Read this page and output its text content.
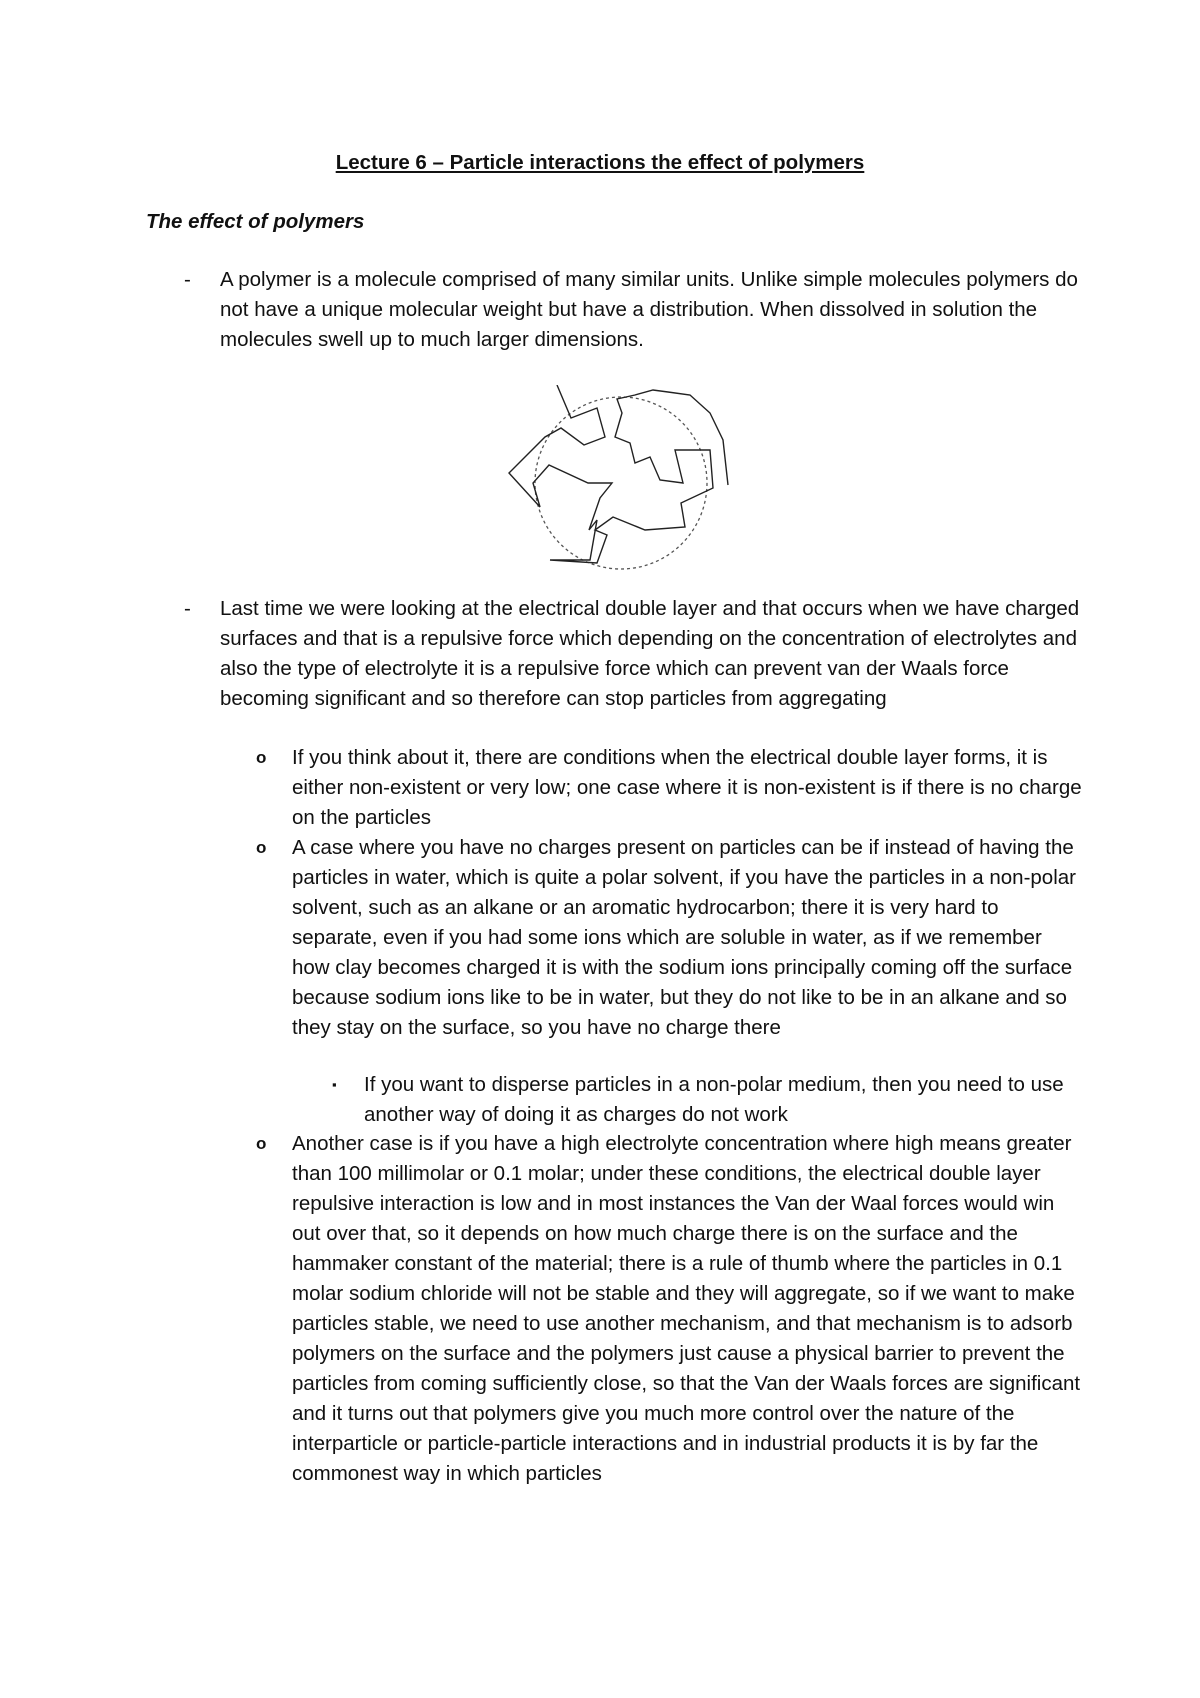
Lecture 6 – Particle interactions the effect of polymers
The effect of polymers
- A polymer is a molecule comprised of many similar units. Unlike simple molecules polymers do not have a unique molecular weight but have a distribution. When dissolved in solution the molecules swell up to much larger dimensions.
- Last time we were looking at the electrical double layer and that occurs when we have charged surfaces and that is a repulsive force which depending on the concentration of electrolytes and also the type of electrolyte it is a repulsive force which can prevent van der Waals force becoming significant and so therefore can stop particles from aggregating
o If you think about it, there are conditions when the electrical double layer forms, it is either non-existent or very low; one case where it is non-existent is if there is no charge on the particles
o A case where you have no charges present on particles can be if instead of having the particles in water, which is quite a polar solvent, if you have the particles in a non-polar solvent, such as an alkane or an aromatic hydrocarbon; there it is very hard to separate, even if you had some ions which are soluble in water, as if we remember how clay becomes charged it is with the sodium ions principally coming off the surface because sodium ions like to be in water, but they do not like to be in an alkane and so they stay on the surface, so you have no charge there
▪ If you want to disperse particles in a non-polar medium, then you need to use another way of doing it as charges do not work
o Another case is if you have a high electrolyte concentration where high means greater than 100 millimolar or 0.1 molar; under these conditions, the electrical double layer repulsive interaction is low and in most instances the Van der Waal forces would win out over that, so it depends on how much charge there is on the surface and the hammaker constant of the material; there is a rule of thumb where the particles in 0.1 molar sodium chloride will not be stable and they will aggregate, so if we want to make particles stable, we need to use another mechanism, and that mechanism is to adsorb polymers on the surface and the polymers just cause a physical barrier to prevent the particles from coming sufficiently close, so that the Van der Waals forces are significant and it turns out that polymers give you much more control over the nature of the interparticle or particle-particle interactions and in industrial products it is by far the commonest way in which particles
